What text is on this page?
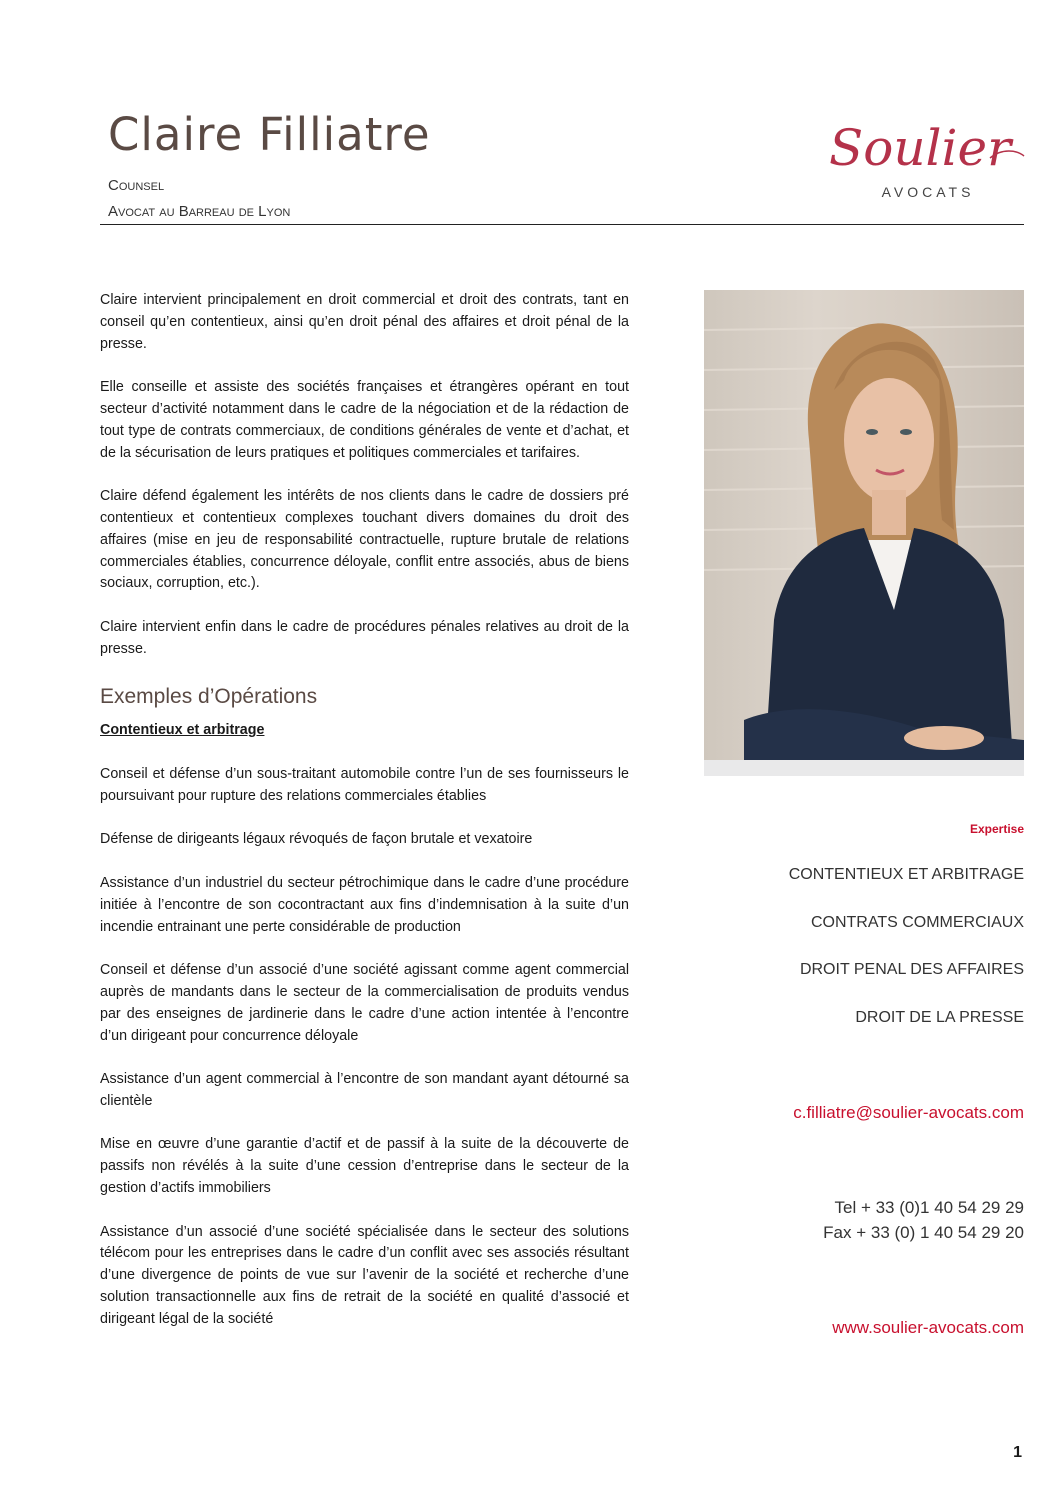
Claire Filliatre
Counsel
Avocat au Barreau de Lyon
Soulier
AVOCATS

Claire intervient principalement en droit commercial et droit des contrats, tant en conseil qu’en contentieux, ainsi qu’en droit pénal des affaires et droit pénal de la presse.

Elle conseille et assiste des sociétés françaises et étrangères opérant en tout secteur d’activité notamment dans le cadre de la négociation et de la rédaction de tout type de contrats commerciaux, de conditions générales de vente et d’achat, et de la sécurisation de leurs pratiques et politiques commerciales et tarifaires.

Claire défend également les intérêts de nos clients dans le cadre de dossiers pré contentieux et contentieux complexes touchant divers domaines du droit des affaires (mise en jeu de responsabilité contractuelle, rupture brutale de relations commerciales établies, concurrence déloyale, conflit entre associés, abus de biens sociaux, corruption, etc.).

Claire intervient enfin dans le cadre de procédures pénales relatives au droit de la presse.

Exemples d’Opérations
Contentieux et arbitrage

Conseil et défense d’un sous-traitant automobile contre l’un de ses fournisseurs le poursuivant pour rupture des relations commerciales établies

Défense de dirigeants légaux révoqués de façon brutale et vexatoire

Assistance d’un industriel du secteur pétrochimique dans le cadre d’une procédure initiée à l’encontre de son cocontractant aux fins d’indemnisation à la suite d’un incendie entrainant une perte considérable de production

Conseil et défense d’un associé d’une société agissant comme agent commercial auprès de mandants dans le secteur de la commercialisation de produits vendus par des enseignes de jardinerie dans le cadre d’une action intentée à l’encontre d’un dirigeant pour concurrence déloyale

Assistance d’un agent commercial à l’encontre de son mandant ayant détourné sa clientèle

Mise en œuvre d’une garantie d’actif et de passif à la suite de la découverte de passifs non révélés à la suite d’une cession d’entreprise dans le secteur de la gestion d’actifs immobiliers

Assistance d’un associé d’une société spécialisée dans le secteur des solutions télécom pour les entreprises dans le cadre d’un conflit avec ses associés résultant d’une divergence de points de vue sur l’avenir de la société et recherche d’une solution transactionnelle aux fins de retrait de la société en qualité d’associé et dirigeant légal de la société

Expertise
CONTENTIEUX ET ARBITRAGE
CONTRATS COMMERCIAUX
DROIT PENAL DES AFFAIRES
DROIT DE LA PRESSE
c.filliatre@soulier-avocats.com
Tel + 33 (0)1 40 54 29 29
Fax + 33 (0) 1 40 54 29 20
www.soulier-avocats.com
1
